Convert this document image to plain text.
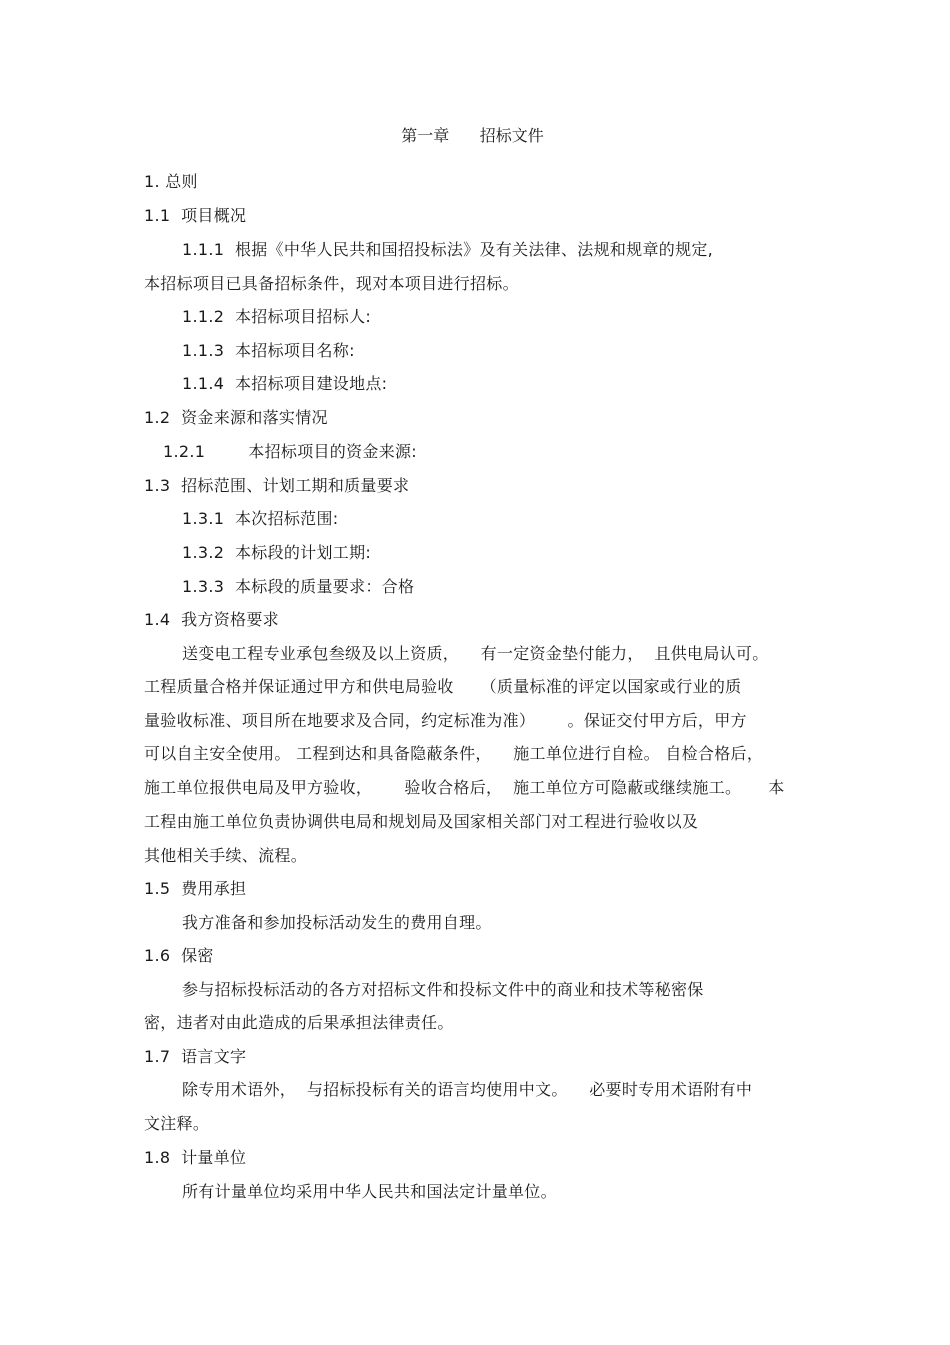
第一章      招标文件
1. 总则
1.1  项目概况
1.1.1  根据《中华人民共和国招投标法》及有关法律、法规和规章的规定,
本招标项目已具备招标条件，现对本项目进行招标。
1.1.2  本招标项目招标人:
1.1.3  本招标项目名称:
1.1.4  本招标项目建设地点:
1.2  资金来源和落实情况
1.2.1        本招标项目的资金来源:
1.3  招标范围、计划工期和质量要求
1.3.1  本次招标范围:
1.3.2  本标段的计划工期:
1.3.3  本标段的质量要求：合格
1.4  我方资格要求
送变电工程专业承包叁级及以上资质，    有一定资金垫付能力，  且供电局认可。
工程质量合格并保证通过甲方和供电局验收     （质量标准的评定以国家或行业的质
量验收标准、项目所在地要求及合同，约定标准为准）      。保证交付甲方后，甲方
可以自主安全使用。 工程到达和具备隐蔽条件，    施工单位进行自检。 自检合格后，
施工单位报供电局及甲方验收，      验收合格后，  施工单位方可隐蔽或继续施工。     本
工程由施工单位负责协调供电局和规划局及国家相关部门对工程进行验收以及
其他相关手续、流程。
1.5  费用承担
我方准备和参加投标活动发生的费用自理。
1.6  保密
参与招标投标活动的各方对招标文件和投标文件中的商业和技术等秘密保
密，违者对由此造成的后果承担法律责任。
1.7  语言文字
除专用术语外，  与招标投标有关的语言均使用中文。    必要时专用术语附有中
文注释。
1.8  计量单位
所有计量单位均采用中华人民共和国法定计量单位。
